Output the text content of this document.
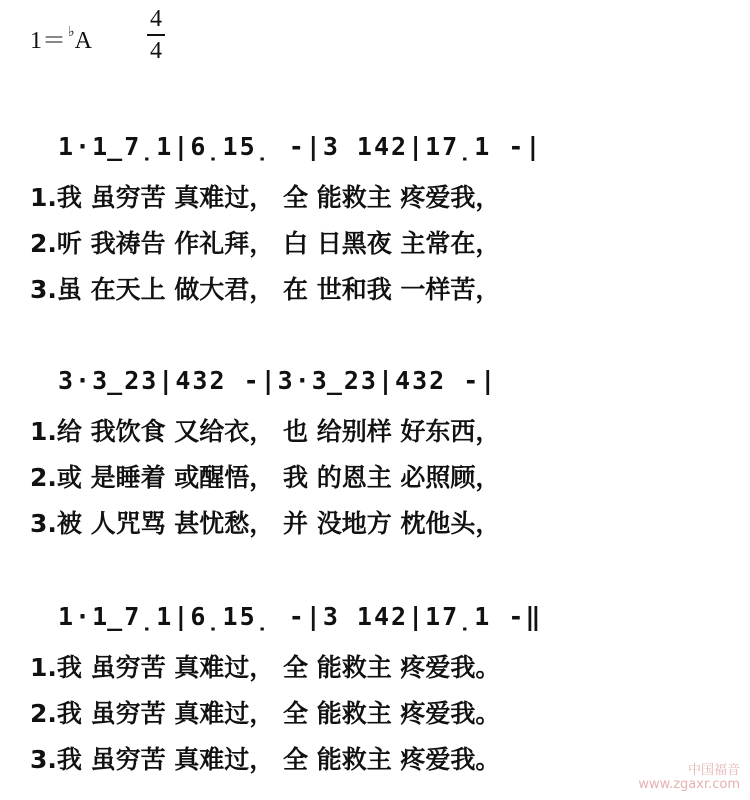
1＝ ♭A
4
4
1·1̲7̣1|6̣15̣ -|3 142|17̣1 -|
1.我 虽穷苦 真难过， 全 能救主 疼爱我，
2.听 我祷告 作礼拜， 白 日黑夜 主常在，
3.虽 在天上 做大君， 在 世和我 一样苦，
3·3̲23|432 -|3·3̲23|432 -|
1.给 我饮食 又给衣， 也 给别样 好东西，
2.或 是睡着 或醒悟， 我 的恩主 必照顾，
3.被 人咒骂 甚忧愁， 并 没地方 枕他头，
1·1̲7̣1|6̣15̣ -|3 142|17̣1 -‖
1.我 虽穷苦 真难过， 全 能救主 疼爱我。
2.我 虽穷苦 真难过， 全 能救主 疼爱我。
3.我 虽穷苦 真难过， 全 能救主 疼爱我。	中国福音
www.zgaxr.com
